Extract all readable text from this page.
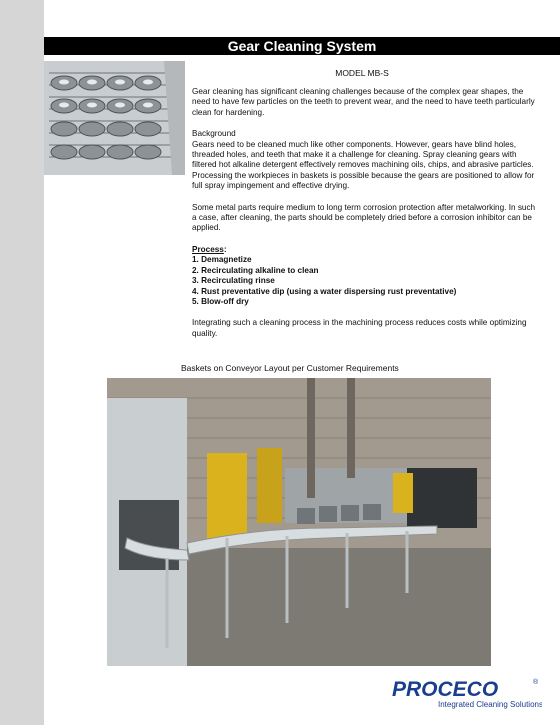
Gear Cleaning System
MODEL MB-S

Gear cleaning has significant cleaning challenges because of the complex gear shapes, the need to have few particles on the teeth to prevent wear, and the need to have teeth particularly clean for hardening.

Background
Gears need to be cleaned much like other components. However, gears have blind holes, threaded holes, and teeth that make it a challenge for cleaning. Spray cleaning gears with filtered hot alkaline detergent effectively removes machining oils, chips, and abrasive particles. Processing the workpieces in baskets is possible because the gears are positioned to allow for full spray impingement and effective drying.

Some metal parts require medium to long term corrosion protection after metalworking. In such a case, after cleaning, the parts should be completely dried before a corrosion inhibitor can be applied.

Process:
1. Demagnetize
2. Recirculating alkaline to clean
3. Recirculating rinse
4. Rust preventative dip (using a water dispersing rust preventative)
5. Blow-off dry

Integrating such a cleaning process in the machining process reduces costs while optimizing quality.

Baskets on Conveyor Layout per Customer Requirements
PROCECO	®
Integrated Cleaning Solutions
